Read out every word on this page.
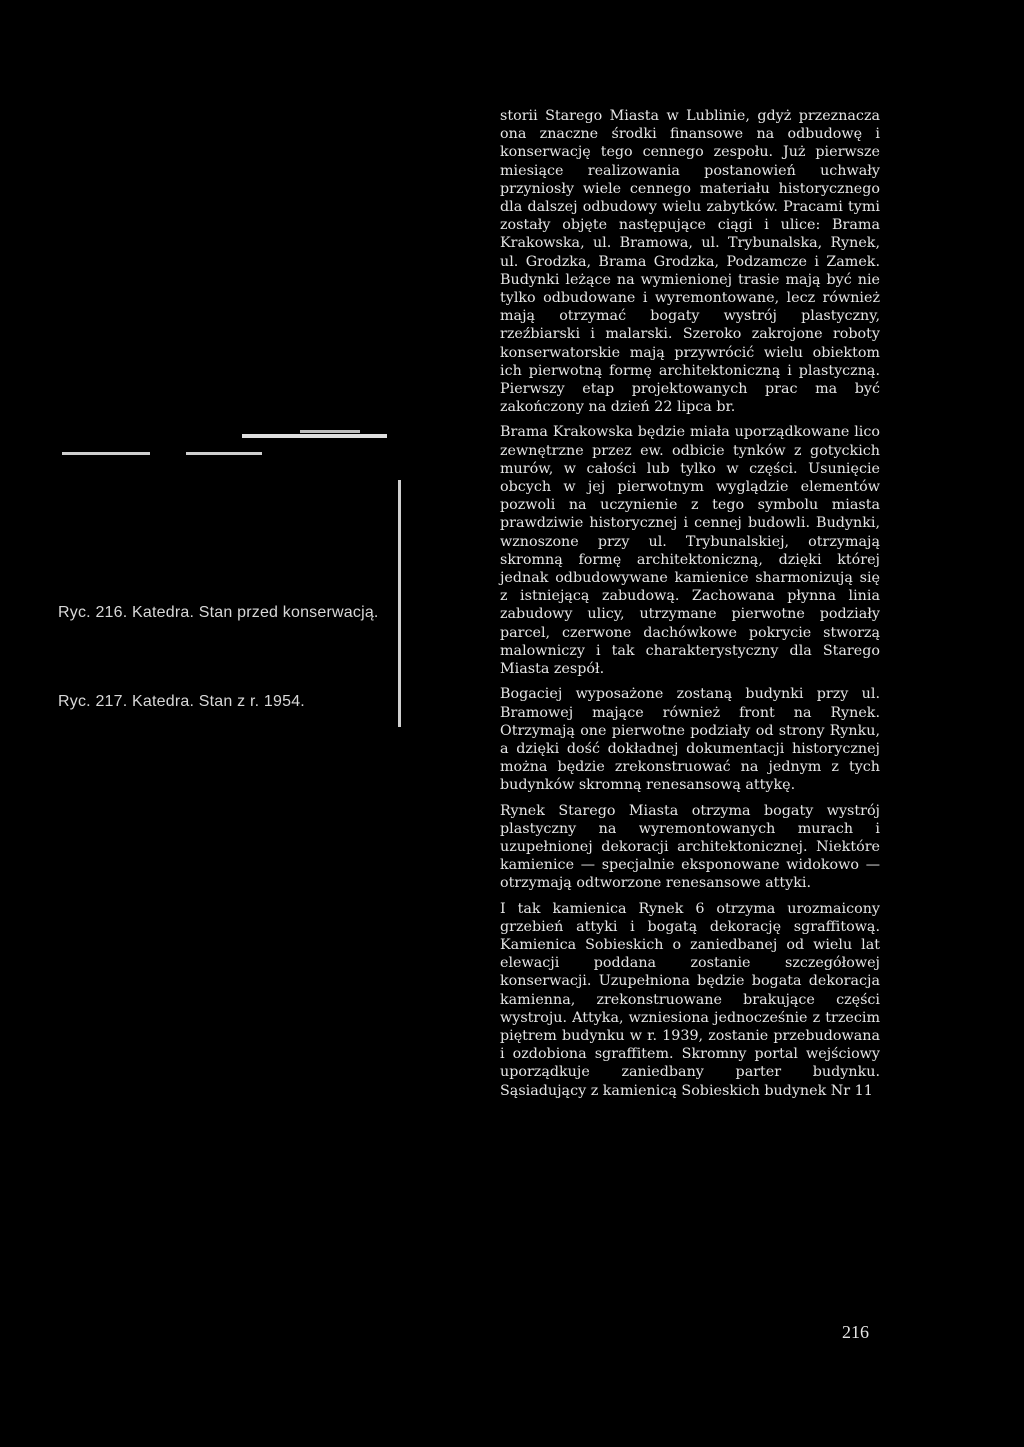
Ryc. 216. Katedra. Stan przed konserwacją.
Ryc. 217. Katedra. Stan z r. 1954.

storii Starego Miasta w Lublinie, gdyż przeznacza ona znaczne środki finansowe na odbudowę i konserwację tego cennego zespołu. Już pierwsze miesiące realizowania postanowień uchwały przyniosły wiele cennego materiału historycznego dla dalszej odbudowy wielu zabytków. Pracami tymi zostały objęte następujące ciągi i ulice: Brama Krakowska, ul. Bramowa, ul. Trybunalska, Rynek, ul. Grodzka, Brama Grodzka, Podzamcze i Zamek. Budynki leżące na wymienionej trasie mają być nie tylko odbudowane i wyremontowane, lecz również mają otrzymać bogaty wystrój plastyczny, rzeźbiarski i malarski. Szeroko zakrojone roboty konserwatorskie mają przywrócić wielu obiektom ich pierwotną formę architektoniczną i plastyczną. Pierwszy etap projektowanych prac ma być zakończony na dzień 22 lipca br.

Brama Krakowska będzie miała uporządkowane lico zewnętrzne przez ew. odbicie tynków z gotyckich murów, w całości lub tylko w części. Usunięcie obcych w jej pierwotnym wyglądzie elementów pozwoli na uczynienie z tego symbolu miasta prawdziwie historycznej i cennej budowli. Budynki, wznoszone przy ul. Trybunalskiej, otrzymają skromną formę architektoniczną, dzięki której jednak odbudowywane kamienice sharmonizują się z istniejącą zabudową. Zachowana płynna linia zabudowy ulicy, utrzymane pierwotne podziały parcel, czerwone dachówkowe pokrycie stworzą malowniczy i tak charakterystyczny dla Starego Miasta zespół.

Bogaciej wyposażone zostaną budynki przy ul. Bramowej mające również front na Rynek. Otrzymają one pierwotne podziały od strony Rynku, a dzięki dość dokładnej dokumentacji historycznej można będzie zrekonstruować na jednym z tych budynków skromną renesansową attykę.

Rynek Starego Miasta otrzyma bogaty wystrój plastyczny na wyremontowanych murach i uzupełnionej dekoracji architektonicznej. Niektóre kamienice — specjalnie eksponowane widokowo — otrzymają odtworzone renesansowe attyki.

I tak kamienica Rynek 6 otrzyma urozmaicony grzebień attyki i bogatą dekorację sgraffitową. Kamienica Sobieskich o zaniedbanej od wielu lat elewacji poddana zostanie szczegółowej konserwacji. Uzupełniona będzie bogata dekoracja kamienna, zrekonstruowane brakujące części wystroju. Attyka, wzniesiona jednocześnie z trzecim piętrem budynku w r. 1939, zostanie przebudowana i ozdobiona sgraffitem. Skromny portal wejściowy uporządkuje zaniedbany parter budynku. Sąsiadujący z kamienicą Sobieskich budynek Nr 11

216
